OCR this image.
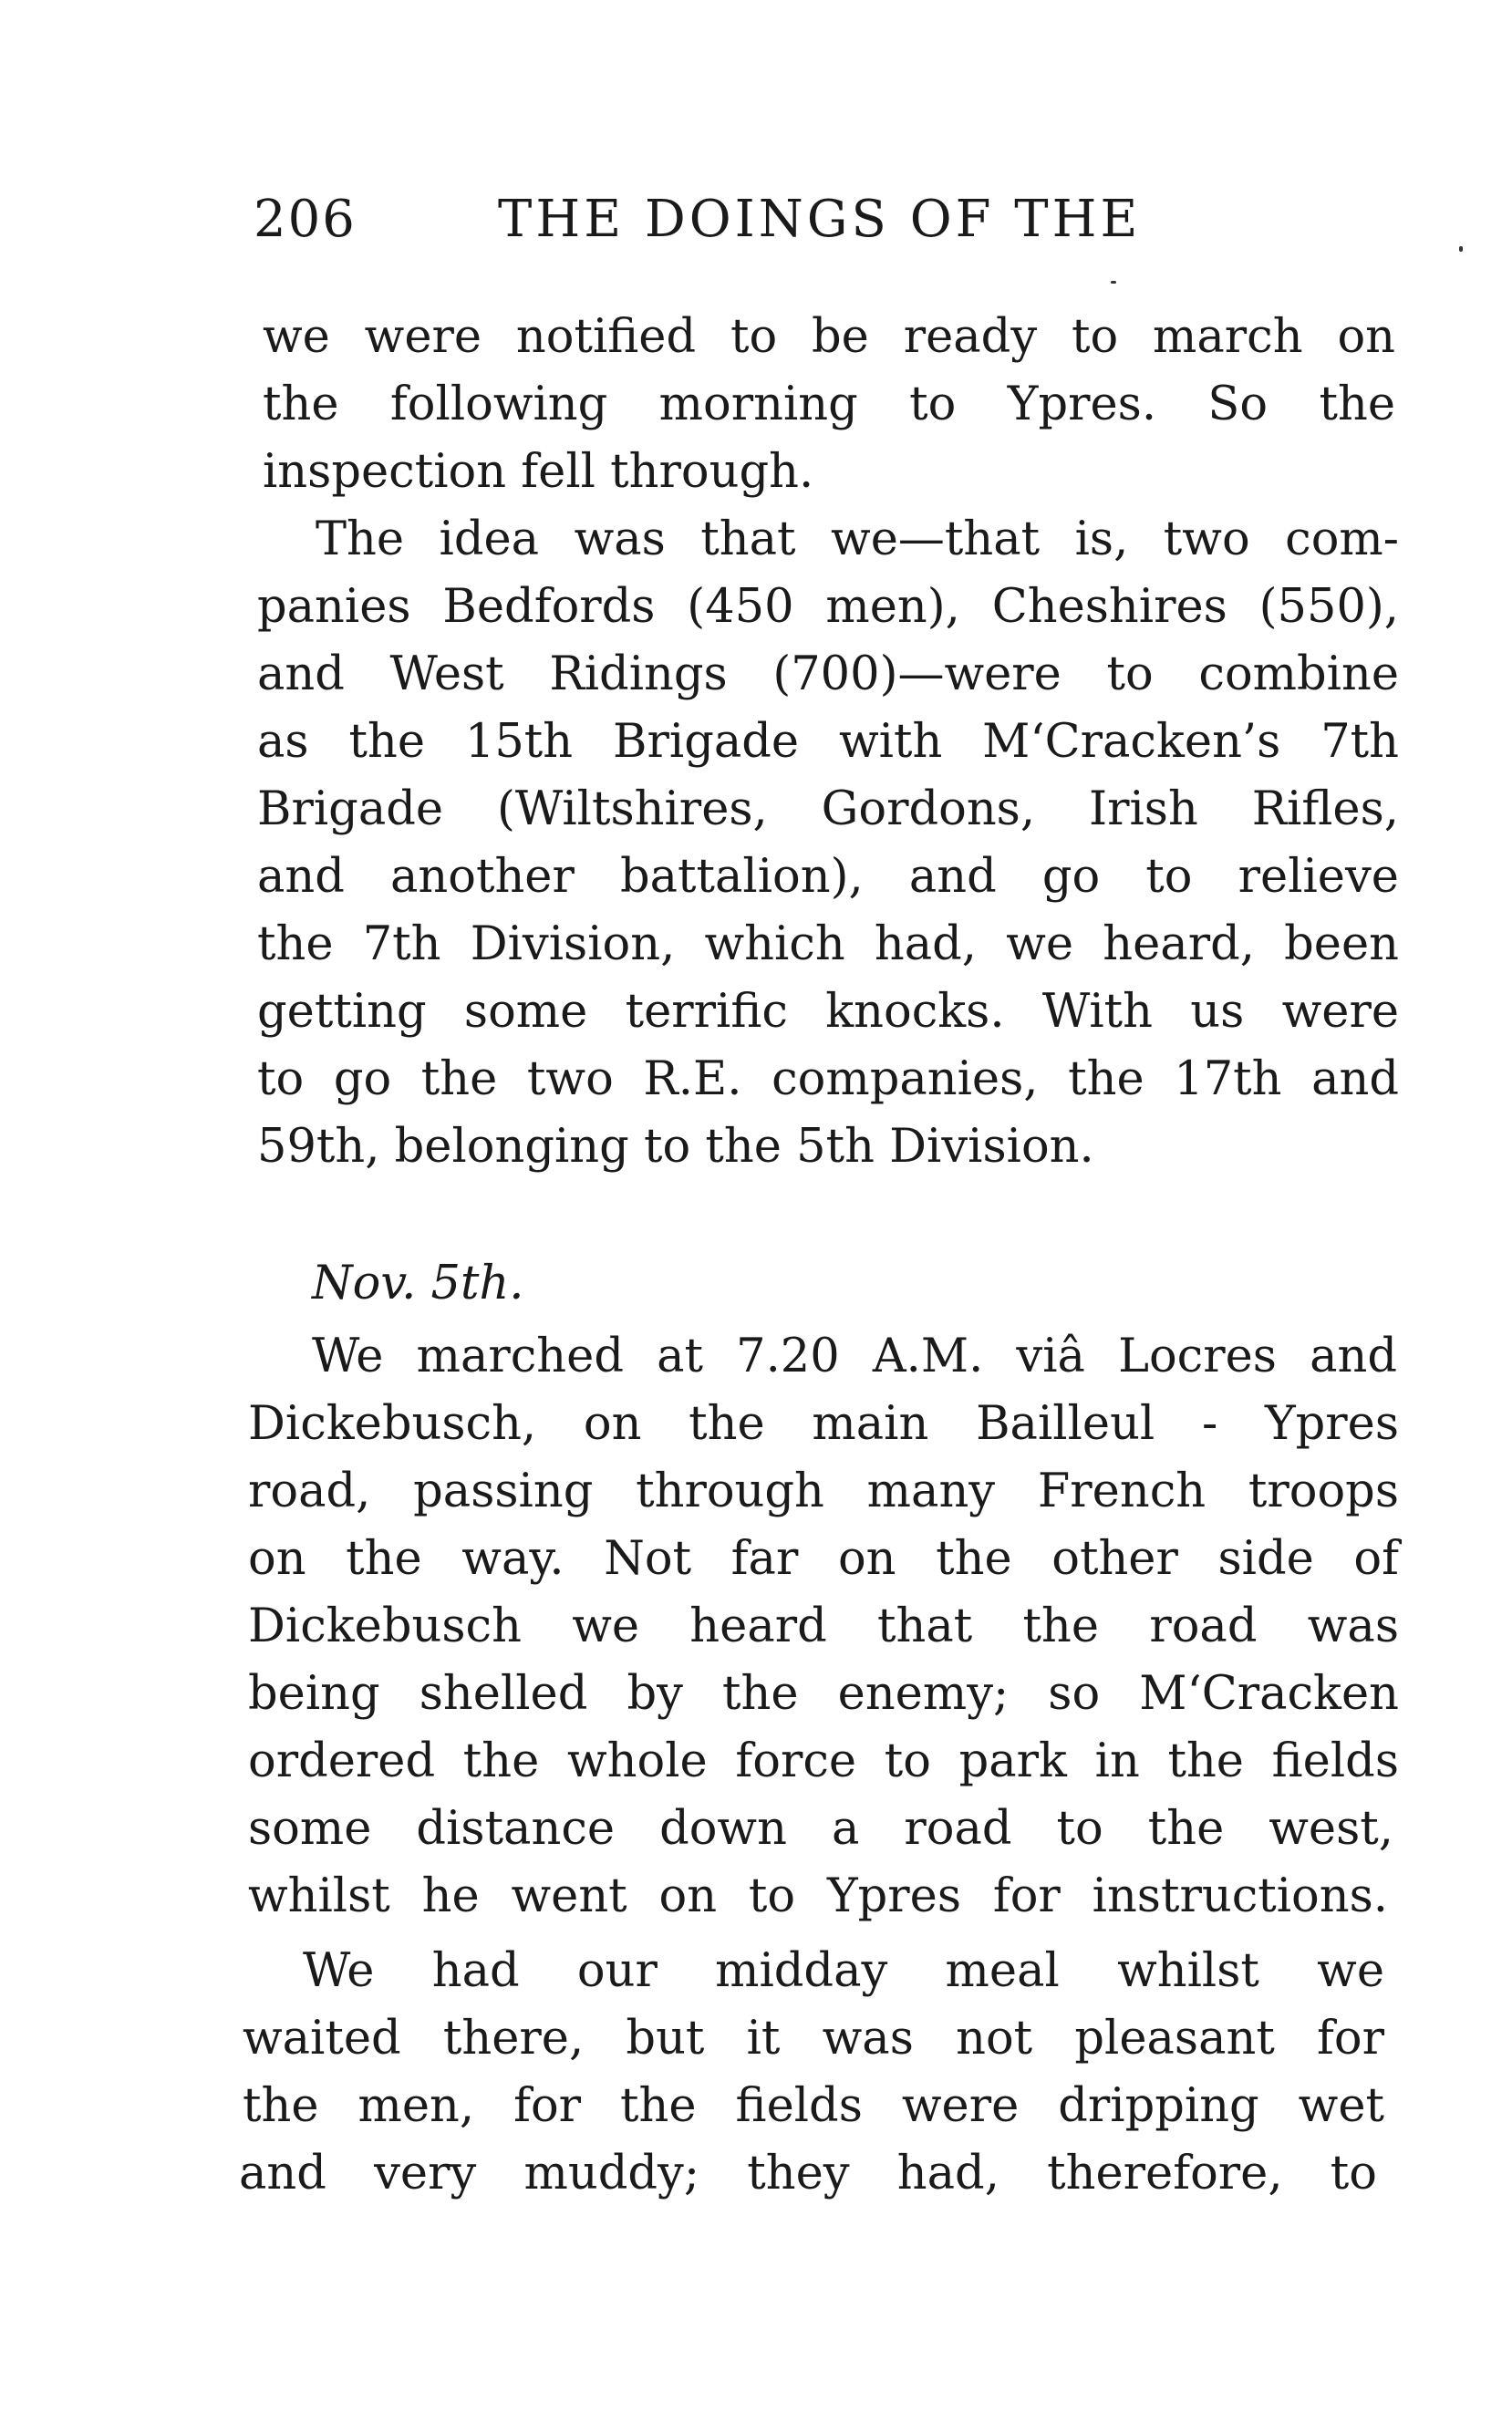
206	THE DOINGS OF THE
we were notified to be ready to march on
the following morning to Ypres. So the
inspection fell through.
The idea was that we—that is, two com-
panies Bedfords (450 men), Cheshires (550),
and West Ridings (700)—were to combine
as the 15th Brigade with M‘Cracken’s 7th
Brigade (Wiltshires, Gordons, Irish Rifles,
and another battalion), and go to relieve
the 7th Division, which had, we heard, been
getting some terrific knocks. With us were
to go the two R.E. companies, the 17th and
59th, belonging to the 5th Division.
Nov. 5th.
We marched at 7.20 A.M. viâ Locres and
Dickebusch, on the main Bailleul - Ypres
road, passing through many French troops
on the way. Not far on the other side of
Dickebusch we heard that the road was
being shelled by the enemy; so M‘Cracken
ordered the whole force to park in the fields
some distance down a road to the west,
whilst he went on to Ypres for instructions.
We had our midday meal whilst we
waited there, but it was not pleasant for
the men, for the fields were dripping wet
and very muddy; they had, therefore, to
